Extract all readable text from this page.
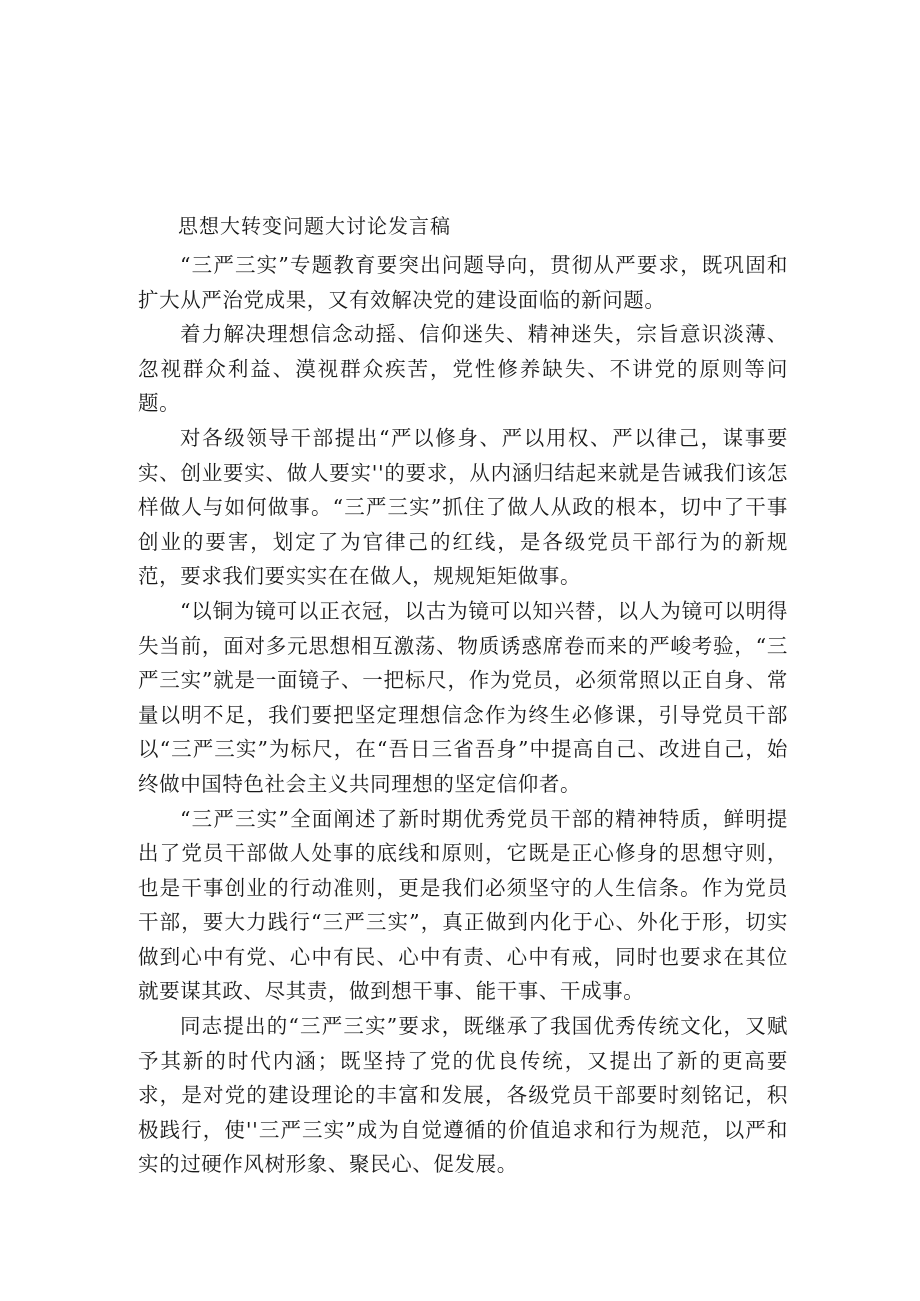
思想大转变问题大讨论发言稿

“三严三实”专题教育要突出问题导向，贯彻从严要求，既巩固和扩大从严治党成果，又有效解决党的建设面临的新问题。

着力解决理想信念动摇、信仰迷失、精神迷失，宗旨意识淡薄、忽视群众利益、漠视群众疾苦，党性修养缺失、不讲党的原则等问题。

对各级领导干部提出“严以修身、严以用权、严以律己，谋事要实、创业要实、做人要实''的要求，从内涵归结起来就是告诫我们该怎样做人与如何做事。“三严三实”抓住了做人从政的根本，切中了干事创业的要害，划定了为官律己的红线，是各级党员干部行为的新规范，要求我们要实实在在做人，规规矩矩做事。

“以铜为镜可以正衣冠，以古为镜可以知兴替，以人为镜可以明得失当前，面对多元思想相互激荡、物质诱惑席卷而来的严峻考验，“三严三实”就是一面镜子、一把标尺，作为党员，必须常照以正自身、常量以明不足，我们要把坚定理想信念作为终生必修课，引导党员干部以“三严三实”为标尺，在“吾日三省吾身”中提高自己、改进自己，始终做中国特色社会主义共同理想的坚定信仰者。

“三严三实”全面阐述了新时期优秀党员干部的精神特质，鲜明提出了党员干部做人处事的底线和原则，它既是正心修身的思想守则，也是干事创业的行动准则，更是我们必须坚守的人生信条。作为党员干部，要大力践行“三严三实”，真正做到内化于心、外化于形，切实做到心中有党、心中有民、心中有责、心中有戒，同时也要求在其位就要谋其政、尽其责，做到想干事、能干事、干成事。

同志提出的“三严三实”要求，既继承了我国优秀传统文化，又赋予其新的时代内涵；既坚持了党的优良传统，又提出了新的更高要求，是对党的建设理论的丰富和发展，各级党员干部要时刻铭记，积极践行，使''三严三实”成为自觉遵循的价值追求和行为规范，以严和实的过硬作风树形象、聚民心、促发展。
